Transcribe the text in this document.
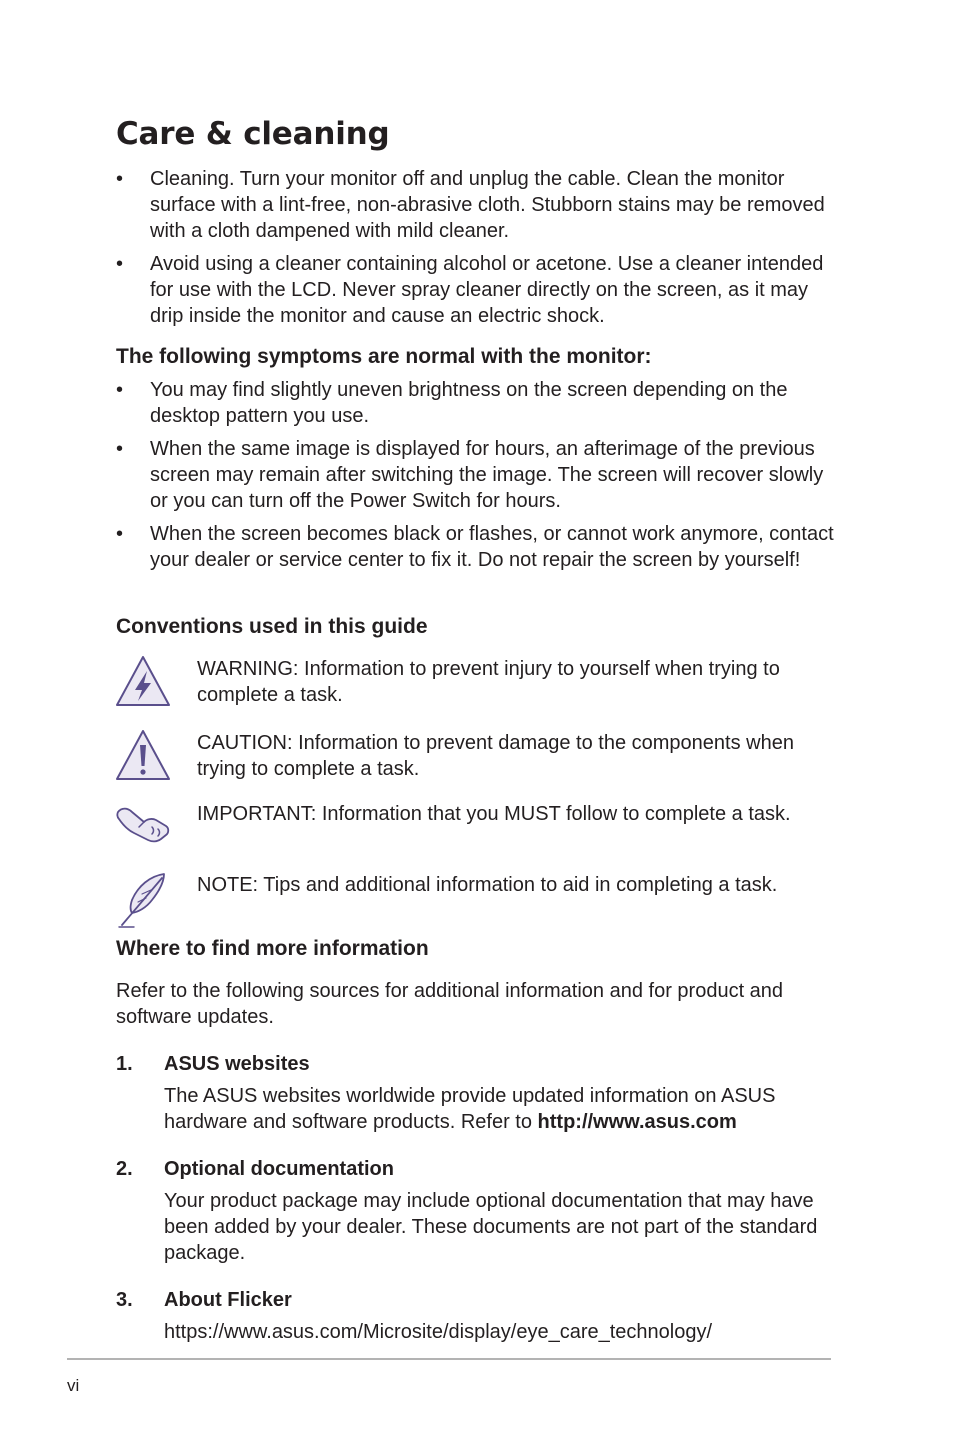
Care & cleaning
• Cleaning. Turn your monitor off and unplug the cable. Clean the monitor surface with a lint-free, non-abrasive cloth. Stubborn stains may be removed with a cloth dampened with mild cleaner.
• Avoid using a cleaner containing alcohol or acetone. Use a cleaner intended for use with the LCD. Never spray cleaner directly on the screen, as it may drip inside the monitor and cause an electric shock.
The following symptoms are normal with the monitor:
• You may find slightly uneven brightness on the screen depending on the desktop pattern you use.
• When the same image is displayed for hours, an afterimage of the previous screen may remain after switching the image. The screen will recover slowly or you can turn off the Power Switch for hours.
• When the screen becomes black or flashes, or cannot work anymore, contact your dealer or service center to fix it. Do not repair the screen by yourself!
Conventions used in this guide
WARNING: Information to prevent injury to yourself when trying to complete a task.
CAUTION: Information to prevent damage to the components when trying to complete a task.
IMPORTANT: Information that you MUST follow to complete a task.
NOTE: Tips and additional information to aid in completing a task.
Where to find more information
Refer to the following sources for additional information and for product and software updates.
1. ASUS websites
The ASUS websites worldwide provide updated information on ASUS hardware and software products. Refer to http://www.asus.com
2. Optional documentation
Your product package may include optional documentation that may have been added by your dealer. These documents are not part of the standard package.
3. About Flicker
https://www.asus.com/Microsite/display/eye_care_technology/
vi
